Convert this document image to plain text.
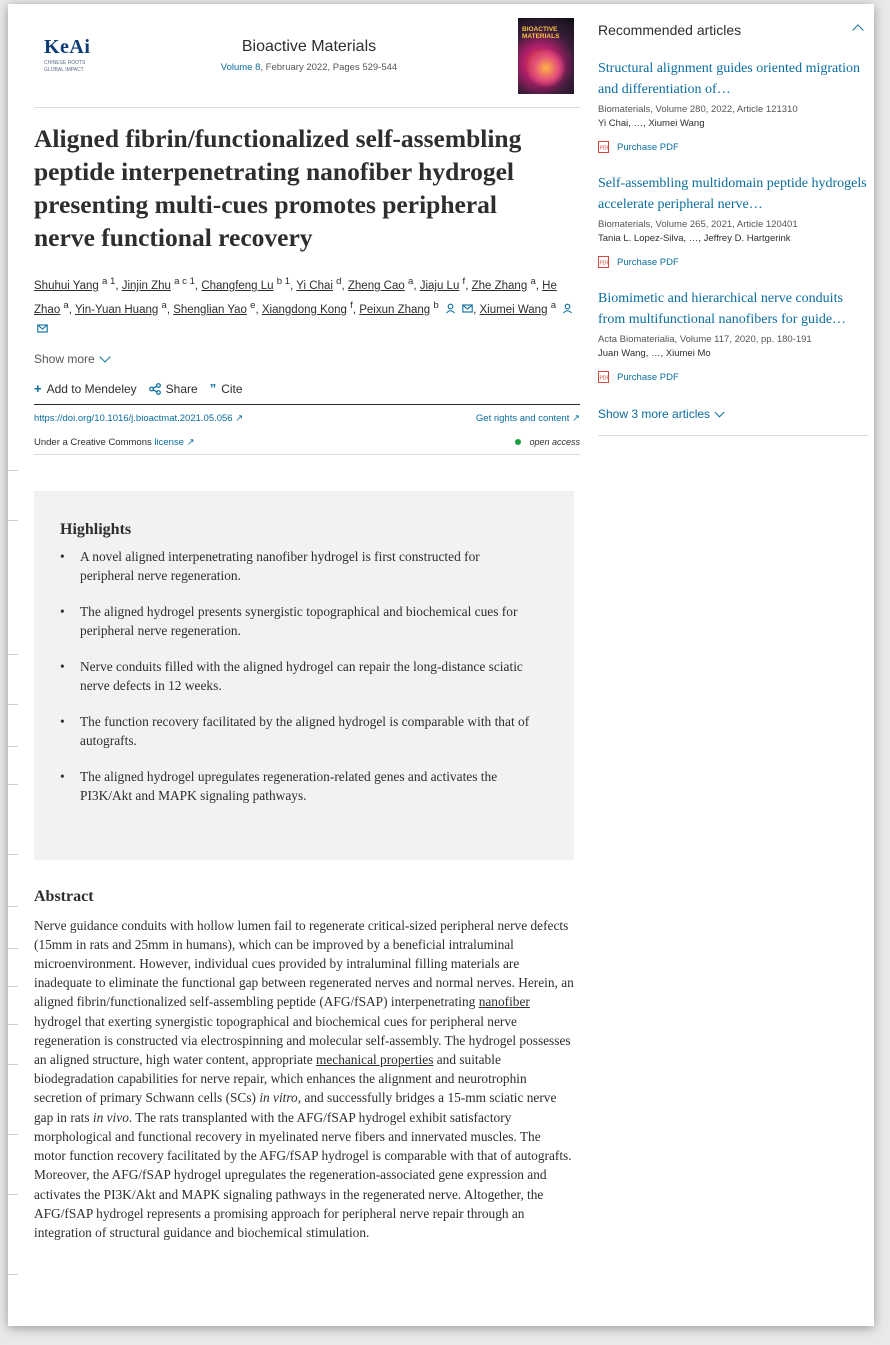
KeAi
CHINESE ROOTS
GLOBAL IMPACT
Bioactive Materials
Volume 8, February 2022, Pages 529-544
BIOACTIVE
MATERIALS
Aligned fibrin/functionalized self-assembling peptide interpenetrating nanofiber hydrogel presenting multi-cues promotes peripheral nerve functional recovery
Shuhui Yang $^{a 1}$, Jinjin Zhu $^{a c 1}$, Changfeng Lu $^{b 1}$, Yi Chai $^d$, Zheng Cao $^a$, Jiaju Lu $^f$, Zhe Zhang $^a$, He Zhao $^a$, Yin-Yuan Huang $^a$, Shenglian Yao $^e$, Xiangdong Kong $^f$, Peixun Zhang $^b$	, Xiumei Wang $^a$
Show more
+ Add to Mendeley Share ” Cite
https://doi.org/10.1016/j.bioactmat.2021.05.056 ↗	Get rights and content ↗
Under a Creative Commons license ↗	open access
Highlights
• A novel aligned interpenetrating nanofiber hydrogel is first constructed for peripheral nerve regeneration.
• The aligned hydrogel presents synergistic topographical and biochemical cues for peripheral nerve regeneration.
• Nerve conduits filled with the aligned hydrogel can repair the long-distance sciatic nerve defects in 12 weeks.
• The function recovery facilitated by the aligned hydrogel is comparable with that of autografts.
• The aligned hydrogel upregulates regeneration-related genes and activates the PI3K/Akt and MAPK signaling pathways.
Abstract

Nerve guidance conduits with hollow lumen fail to regenerate critical-sized peripheral nerve defects (15mm in rats and 25mm in humans), which can be improved by a beneficial intraluminal microenvironment. However, individual cues provided by intraluminal filling materials are inadequate to eliminate the functional gap between regenerated nerves and normal nerves. Herein, an aligned fibrin/functionalized self-assembling peptide (AFG/fSAP) interpenetrating nanofiber hydrogel that exerting synergistic topographical and biochemical cues for peripheral nerve regeneration is constructed via electrospinning and molecular self-assembly. The hydrogel possesses an aligned structure, high water content, appropriate mechanical properties and suitable biodegradation capabilities for nerve repair, which enhances the alignment and neurotrophin secretion of primary Schwann cells (SCs) in vitro, and successfully bridges a 15-mm sciatic nerve gap in rats in vivo. The rats transplanted with the AFG/fSAP hydrogel exhibit satisfactory morphological and functional recovery in myelinated nerve fibers and innervated muscles. The motor function recovery facilitated by the AFG/fSAP hydrogel is comparable with that of autografts. Moreover, the AFG/fSAP hydrogel upregulates the regeneration-associated gene expression and activates the PI3K/Akt and MAPK signaling pathways in the regenerated nerve. Altogether, the AFG/fSAP hydrogel represents a promising approach for peripheral nerve repair through an integration of structural guidance and biochemical stimulation.

Recommended articles
Structural alignment guides oriented migration and differentiation of…
Biomaterials, Volume 280, 2022, Article 121310
Yi Chai, …, Xiumei Wang
PDF Purchase PDF
Self-assembling multidomain peptide hydrogels accelerate peripheral nerve…
Biomaterials, Volume 265, 2021, Article 120401
Tania L. Lopez-Silva, …, Jeffrey D. Hartgerink
PDF Purchase PDF
Biomimetic and hierarchical nerve conduits from multifunctional nanofibers for guide…
Acta Biomaterialia, Volume 117, 2020, pp. 180-191
Juan Wang, …, Xiumei Mo
PDF Purchase PDF
Show 3 more articles
